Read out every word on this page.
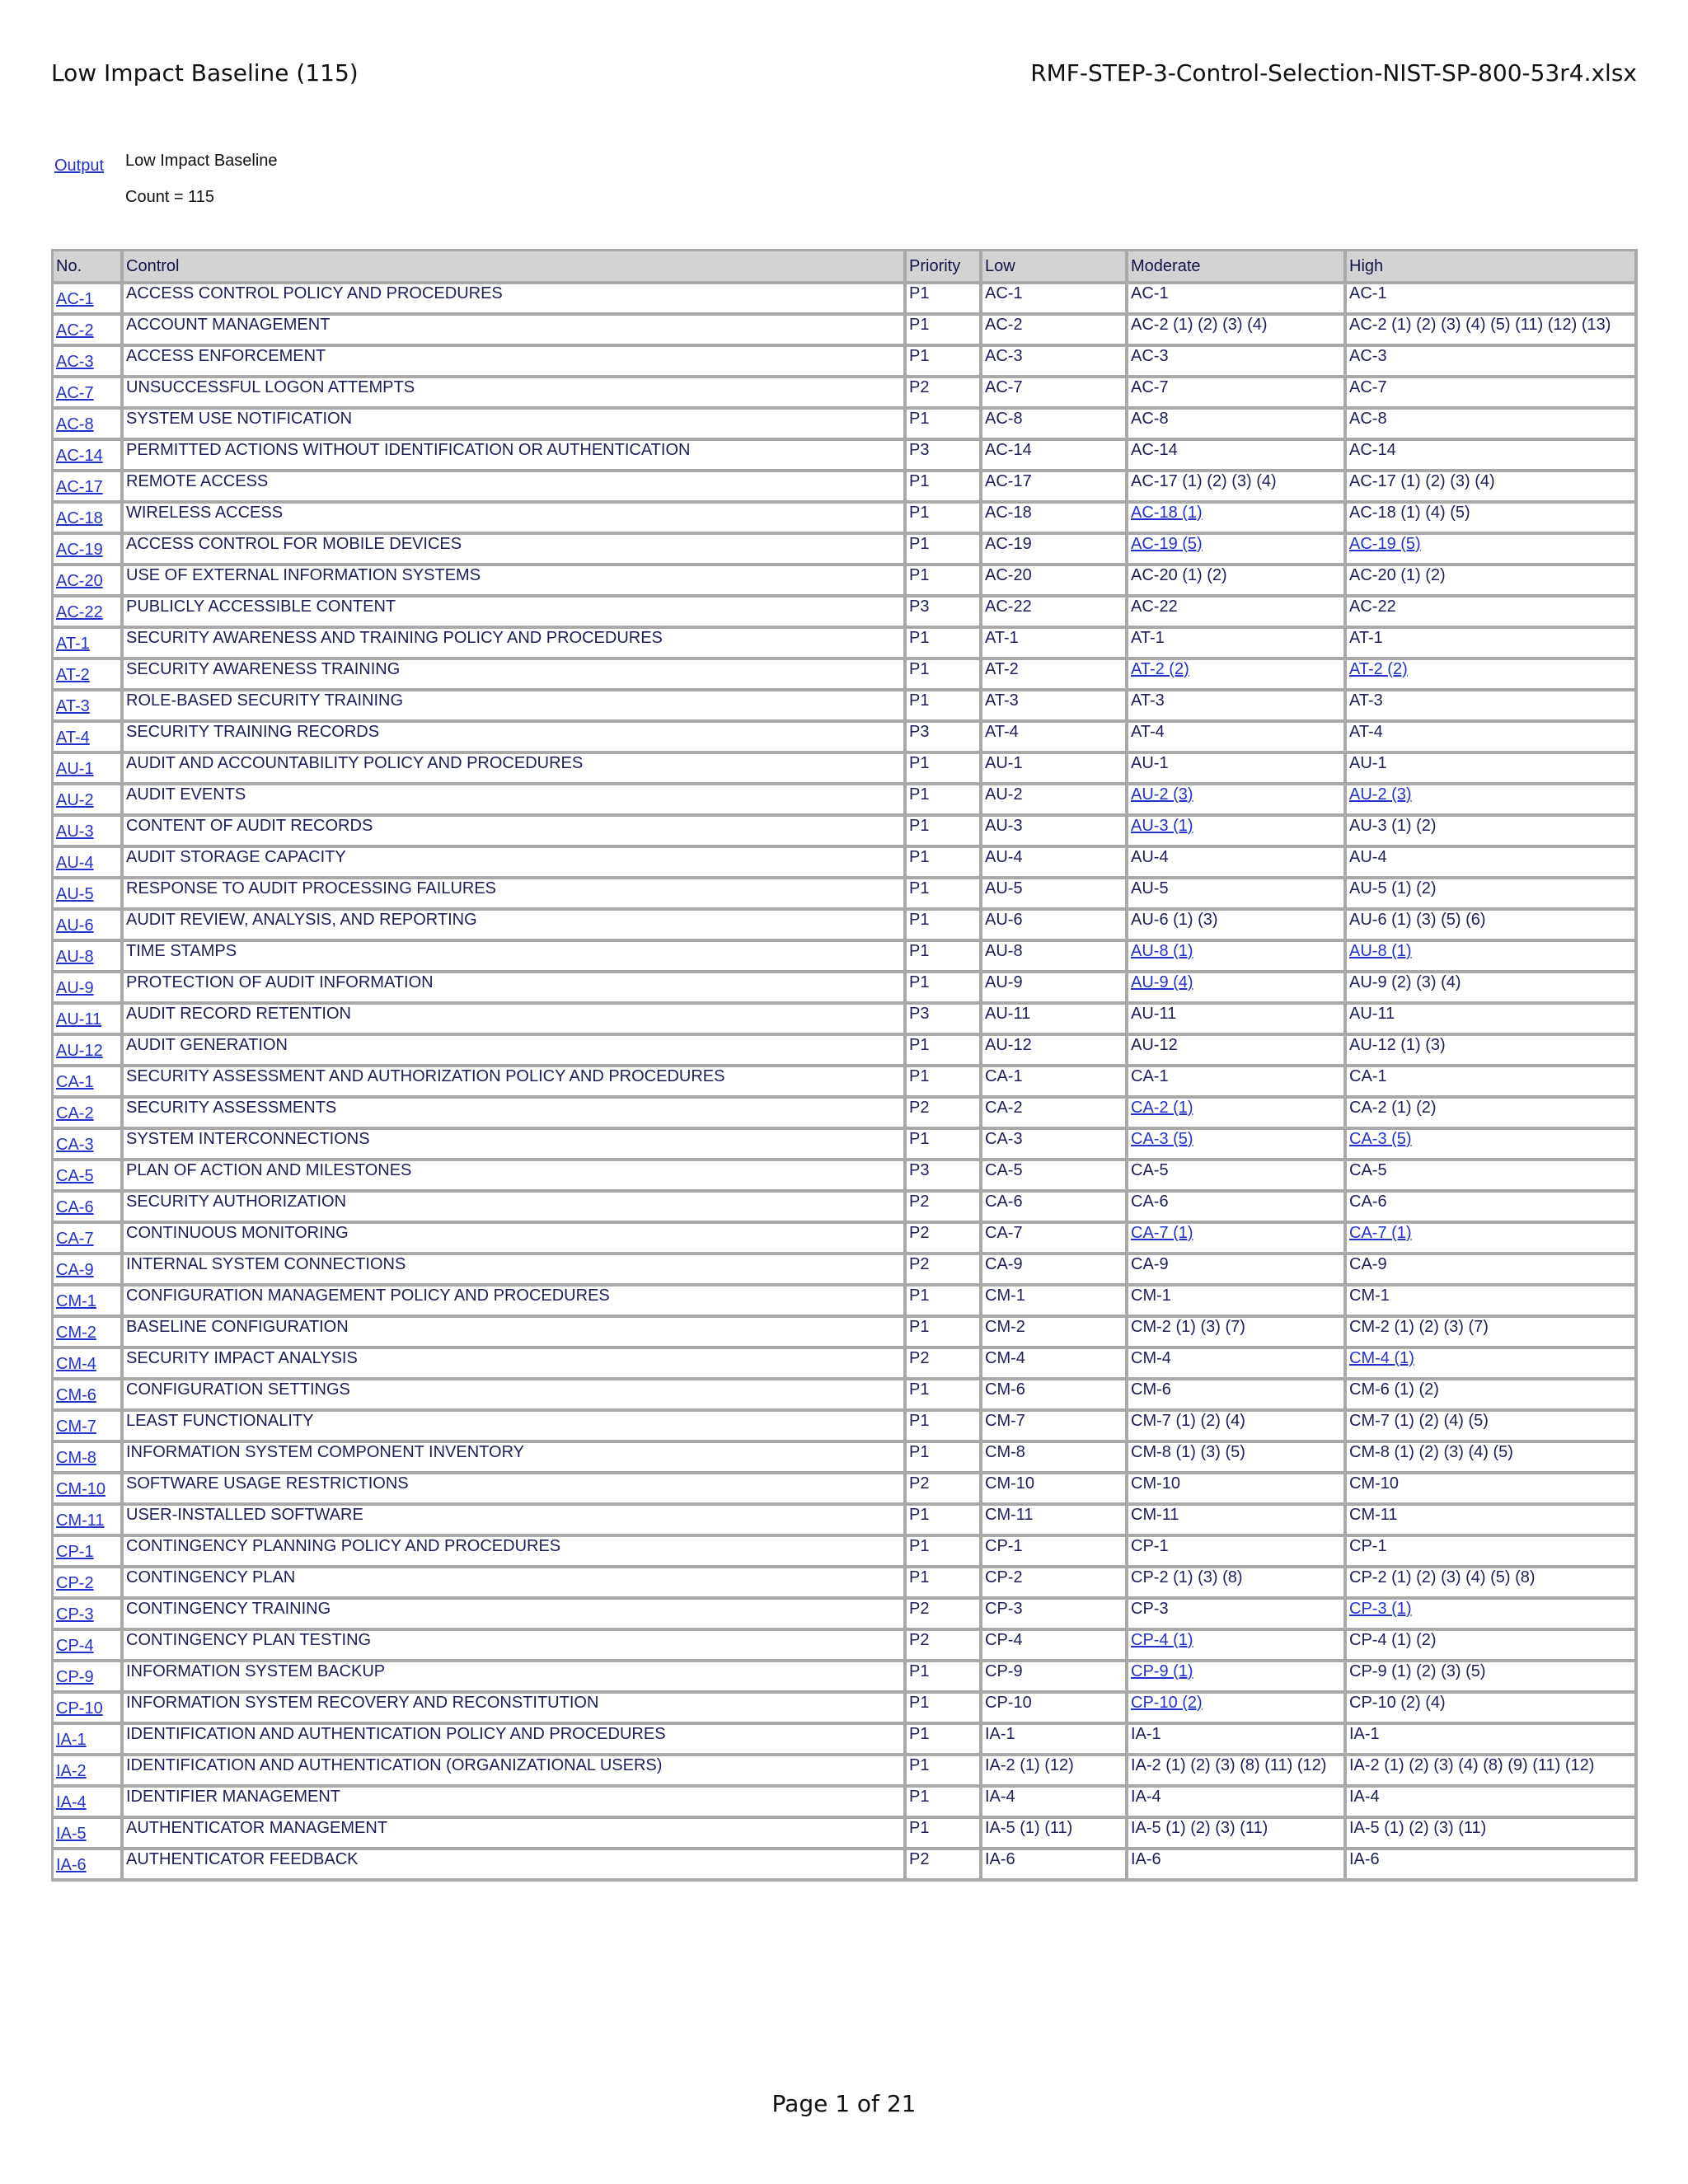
Low Impact Baseline (115)	RMF-STEP-3-Control-Selection-NIST-SP-800-53r4.xlsx
Output Low Impact Baseline
Count = 115
No.	Control	Priority	Low	Moderate	High
AC-1	ACCESS CONTROL POLICY AND PROCEDURES	P1	AC-1	AC-1	AC-1
AC-2	ACCOUNT MANAGEMENT	P1	AC-2	AC-2 (1) (2) (3) (4)	AC-2 (1) (2) (3) (4) (5) (11) (12) (13)
AC-3	ACCESS ENFORCEMENT	P1	AC-3	AC-3	AC-3
AC-7	UNSUCCESSFUL LOGON ATTEMPTS	P2	AC-7	AC-7	AC-7
AC-8	SYSTEM USE NOTIFICATION	P1	AC-8	AC-8	AC-8
AC-14	PERMITTED ACTIONS WITHOUT IDENTIFICATION OR AUTHENTICATION	P3	AC-14	AC-14	AC-14
AC-17	REMOTE ACCESS	P1	AC-17	AC-17 (1) (2) (3) (4)	AC-17 (1) (2) (3) (4)
AC-18	WIRELESS ACCESS	P1	AC-18	AC-18 (1)	AC-18 (1) (4) (5)
AC-19	ACCESS CONTROL FOR MOBILE DEVICES	P1	AC-19	AC-19 (5)	AC-19 (5)
AC-20	USE OF EXTERNAL INFORMATION SYSTEMS	P1	AC-20	AC-20 (1) (2)	AC-20 (1) (2)
AC-22	PUBLICLY ACCESSIBLE CONTENT	P3	AC-22	AC-22	AC-22
AT-1	SECURITY AWARENESS AND TRAINING POLICY AND PROCEDURES	P1	AT-1	AT-1	AT-1
AT-2	SECURITY AWARENESS TRAINING	P1	AT-2	AT-2 (2)	AT-2 (2)
AT-3	ROLE-BASED SECURITY TRAINING	P1	AT-3	AT-3	AT-3
AT-4	SECURITY TRAINING RECORDS	P3	AT-4	AT-4	AT-4
AU-1	AUDIT AND ACCOUNTABILITY POLICY AND PROCEDURES	P1	AU-1	AU-1	AU-1
AU-2	AUDIT EVENTS	P1	AU-2	AU-2 (3)	AU-2 (3)
AU-3	CONTENT OF AUDIT RECORDS	P1	AU-3	AU-3 (1)	AU-3 (1) (2)
AU-4	AUDIT STORAGE CAPACITY	P1	AU-4	AU-4	AU-4
AU-5	RESPONSE TO AUDIT PROCESSING FAILURES	P1	AU-5	AU-5	AU-5 (1) (2)
AU-6	AUDIT REVIEW, ANALYSIS, AND REPORTING	P1	AU-6	AU-6 (1) (3)	AU-6 (1) (3) (5) (6)
AU-8	TIME STAMPS	P1	AU-8	AU-8 (1)	AU-8 (1)
AU-9	PROTECTION OF AUDIT INFORMATION	P1	AU-9	AU-9 (4)	AU-9 (2) (3) (4)
AU-11	AUDIT RECORD RETENTION	P3	AU-11	AU-11	AU-11
AU-12	AUDIT GENERATION	P1	AU-12	AU-12	AU-12 (1) (3)
CA-1	SECURITY ASSESSMENT AND AUTHORIZATION POLICY AND PROCEDURES	P1	CA-1	CA-1	CA-1
CA-2	SECURITY ASSESSMENTS	P2	CA-2	CA-2 (1)	CA-2 (1) (2)
CA-3	SYSTEM INTERCONNECTIONS	P1	CA-3	CA-3 (5)	CA-3 (5)
CA-5	PLAN OF ACTION AND MILESTONES	P3	CA-5	CA-5	CA-5
CA-6	SECURITY AUTHORIZATION	P2	CA-6	CA-6	CA-6
CA-7	CONTINUOUS MONITORING	P2	CA-7	CA-7 (1)	CA-7 (1)
CA-9	INTERNAL SYSTEM CONNECTIONS	P2	CA-9	CA-9	CA-9
CM-1	CONFIGURATION MANAGEMENT POLICY AND PROCEDURES	P1	CM-1	CM-1	CM-1
CM-2	BASELINE CONFIGURATION	P1	CM-2	CM-2 (1) (3) (7)	CM-2 (1) (2) (3) (7)
CM-4	SECURITY IMPACT ANALYSIS	P2	CM-4	CM-4	CM-4 (1)
CM-6	CONFIGURATION SETTINGS	P1	CM-6	CM-6	CM-6 (1) (2)
CM-7	LEAST FUNCTIONALITY	P1	CM-7	CM-7 (1) (2) (4)	CM-7 (1) (2) (4) (5)
CM-8	INFORMATION SYSTEM COMPONENT INVENTORY	P1	CM-8	CM-8 (1) (3) (5)	CM-8 (1) (2) (3) (4) (5)
CM-10	SOFTWARE USAGE RESTRICTIONS	P2	CM-10	CM-10	CM-10
CM-11	USER-INSTALLED SOFTWARE	P1	CM-11	CM-11	CM-11
CP-1	CONTINGENCY PLANNING POLICY AND PROCEDURES	P1	CP-1	CP-1	CP-1
CP-2	CONTINGENCY PLAN	P1	CP-2	CP-2 (1) (3) (8)	CP-2 (1) (2) (3) (4) (5) (8)
CP-3	CONTINGENCY TRAINING	P2	CP-3	CP-3	CP-3 (1)
CP-4	CONTINGENCY PLAN TESTING	P2	CP-4	CP-4 (1)	CP-4 (1) (2)
CP-9	INFORMATION SYSTEM BACKUP	P1	CP-9	CP-9 (1)	CP-9 (1) (2) (3) (5)
CP-10	INFORMATION SYSTEM RECOVERY AND RECONSTITUTION	P1	CP-10	CP-10 (2)	CP-10 (2) (4)
IA-1	IDENTIFICATION AND AUTHENTICATION POLICY AND PROCEDURES	P1	IA-1	IA-1	IA-1
IA-2	IDENTIFICATION AND AUTHENTICATION (ORGANIZATIONAL USERS)	P1	IA-2 (1) (12)	IA-2 (1) (2) (3) (8) (11) (12)	IA-2 (1) (2) (3) (4) (8) (9) (11) (12)
IA-4	IDENTIFIER MANAGEMENT	P1	IA-4	IA-4	IA-4
IA-5	AUTHENTICATOR MANAGEMENT	P1	IA-5 (1) (11)	IA-5 (1) (2) (3) (11)	IA-5 (1) (2) (3) (11)
IA-6	AUTHENTICATOR FEEDBACK	P2	IA-6	IA-6	IA-6
Page 1 of 21
